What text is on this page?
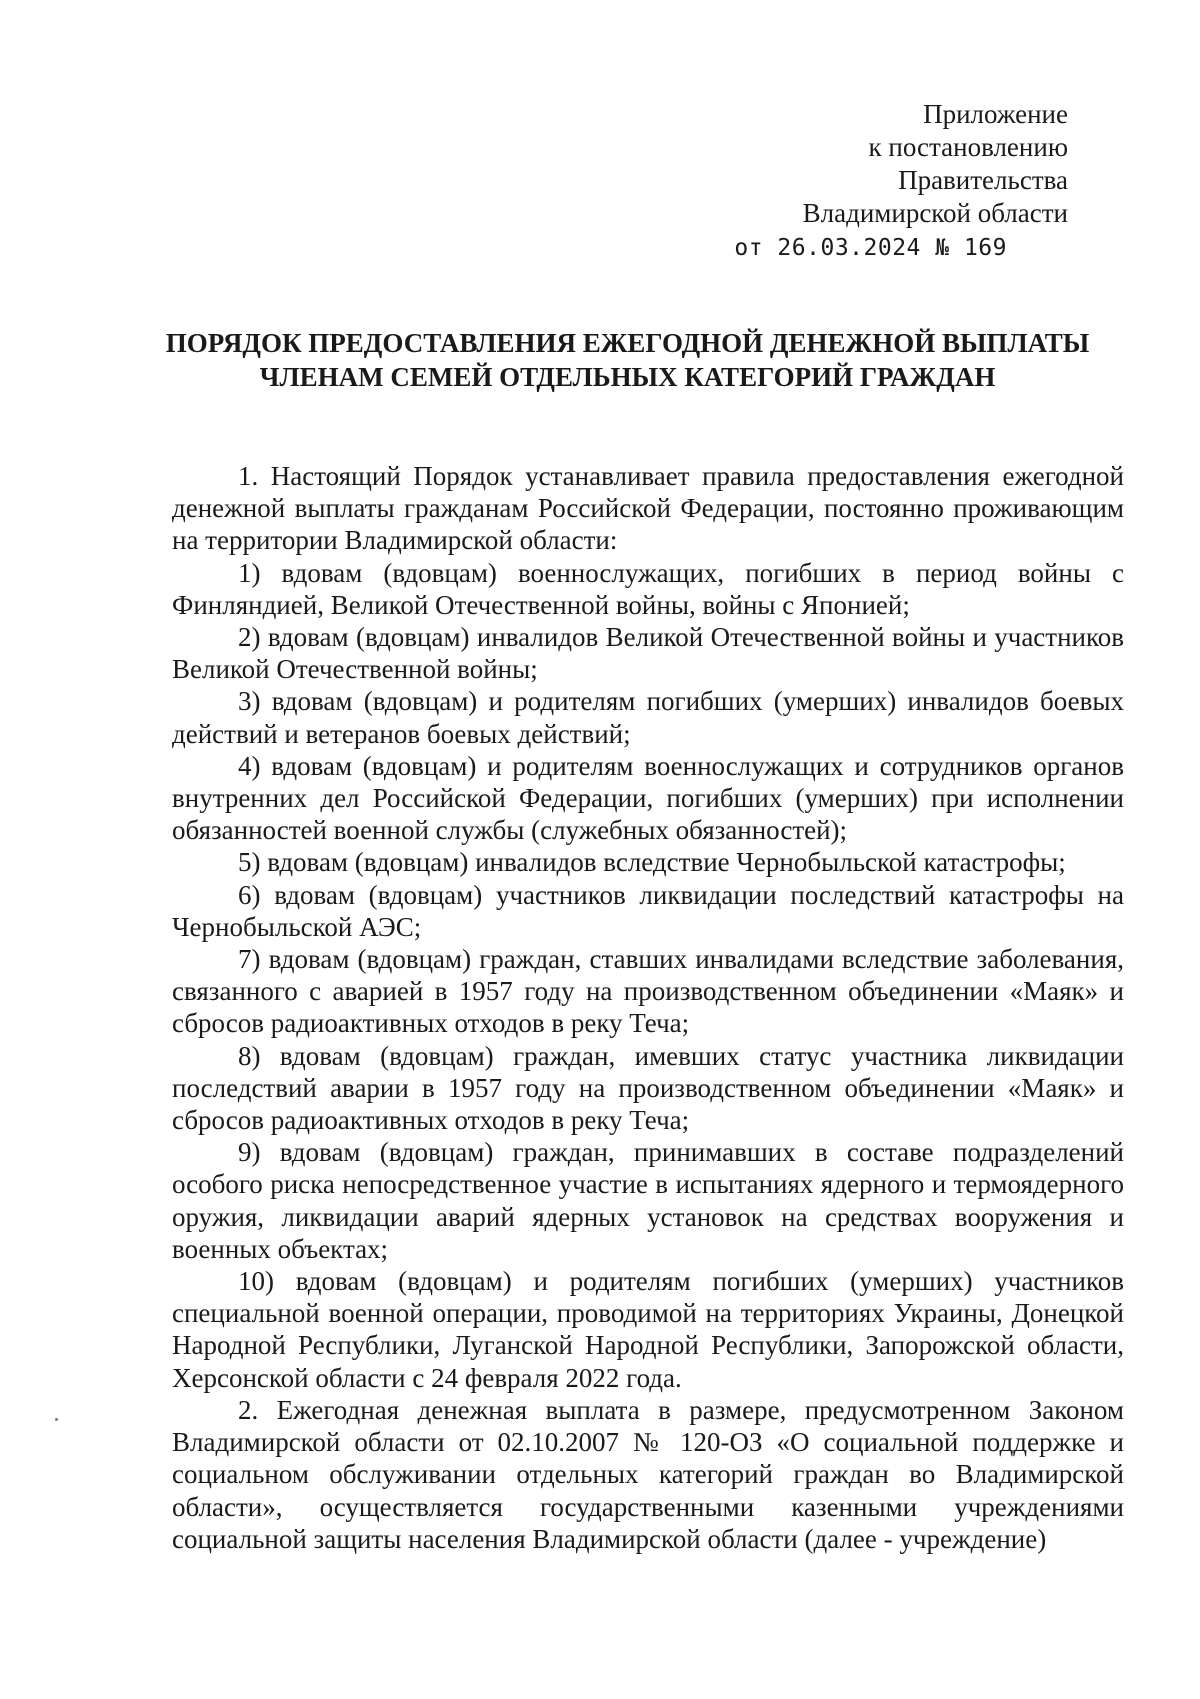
Приложение
к постановлению
Правительства
Владимирской области
от 26.03.2024 № 169
ПОРЯДОК ПРЕДОСТАВЛЕНИЯ ЕЖЕГОДНОЙ ДЕНЕЖНОЙ ВЫПЛАТЫ
ЧЛЕНАМ СЕМЕЙ ОТДЕЛЬНЫХ КАТЕГОРИЙ ГРАЖДАН

1. Настоящий Порядок устанавливает правила предоставления ежегодной денежной выплаты гражданам Российской Федерации, постоянно проживающим на территории Владимирской области:

1) вдовам (вдовцам) военнослужащих, погибших в период войны с Финляндией, Великой Отечественной войны, войны с Японией;

2) вдовам (вдовцам) инвалидов Великой Отечественной войны и участников Великой Отечественной войны;

3) вдовам (вдовцам) и родителям погибших (умерших) инвалидов боевых действий и ветеранов боевых действий;

4) вдовам (вдовцам) и родителям военнослужащих и сотрудников органов внутренних дел Российской Федерации, погибших (умерших) при исполнении обязанностей военной службы (служебных обязанностей);

5) вдовам (вдовцам) инвалидов вследствие Чернобыльской катастрофы;

6) вдовам (вдовцам) участников ликвидации последствий катастрофы на Чернобыльской АЭС;

7) вдовам (вдовцам) граждан, ставших инвалидами вследствие заболевания, связанного с аварией в 1957 году на производственном объединении «Маяк» и сбросов радиоактивных отходов в реку Теча;

8) вдовам (вдовцам) граждан, имевших статус участника ликвидации последствий аварии в 1957 году на производственном объединении «Маяк» и сбросов радиоактивных отходов в реку Теча;

9) вдовам (вдовцам) граждан, принимавших в составе подразделений особого риска непосредственное участие в испытаниях ядерного и термоядерного оружия, ликвидации аварий ядерных установок на средствах вооружения и военных объектах;

10) вдовам (вдовцам) и родителям погибших (умерших) участников специальной военной операции, проводимой на территориях Украины, Донецкой Народной Республики, Луганской Народной Республики, Запорожской области, Херсонской области с 24 февраля 2022 года.

2. Ежегодная денежная выплата в размере, предусмотренном Законом Владимирской области от 02.10.2007 № 120-ОЗ «О социальной поддержке и социальном обслуживании отдельных категорий граждан во Владимирской области», осуществляется государственными казенными учреждениями социальной защиты населения Владимирской области (далее - учреждение)
